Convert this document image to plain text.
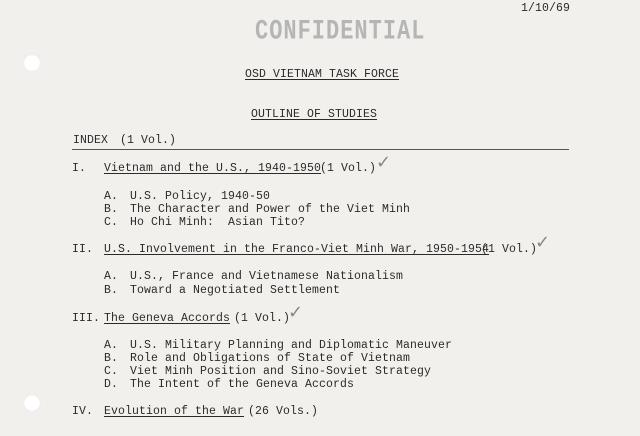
1/10/69
CONFIDENTIAL
OSD VIETNAM TASK FORCE
OUTLINE OF STUDIES
INDEX (1 Vol.)
I. Vietnam and the U.S., 1940-1950
(1 Vol.) ✓
A. U.S. Policy, 1940-50
B. The Character and Power of the Viet Minh
C. Ho Chi Minh:  Asian Tito?
II. U.S. Involvement in the Franco-Viet Minh War, 1950-1954
(1 Vol.)
✓
A. U.S., France and Vietnamese Nationalism
B. Toward a Negotiated Settlement
III. The Geneva Accords (1 Vol.)
✓
A. U.S. Military Planning and Diplomatic Maneuver
B. Role and Obligations of State of Vietnam
C. Viet Minh Position and Sino-Soviet Strategy
D. The Intent of the Geneva Accords
IV. Evolution of the War (26 Vols.)
